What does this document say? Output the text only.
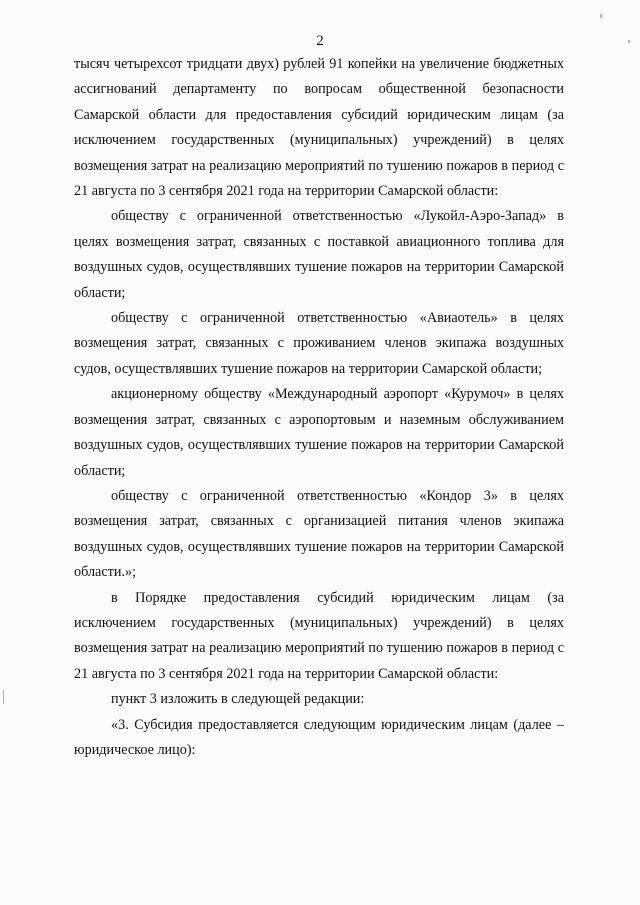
2

тысяч четырехсот тридцати двух) рублей 91 копейки на увеличение бюджетных ассигнований департаменту по вопросам общественной безопасности Самарской области для предоставления субсидий юридическим лицам (за исключением государственных (муниципальных) учреждений) в целях возмещения затрат на реализацию мероприятий по тушению пожаров в период с 21 августа по 3 сентября 2021 года на территории Самарской области:

обществу с ограниченной ответственностью «Лукойл-Аэро-Запад» в целях возмещения затрат, связанных с поставкой авиационного топлива для воздушных судов, осуществлявших тушение пожаров на территории Самарской области;

обществу с ограниченной ответственностью «Авиаотель» в целях возмещения затрат, связанных с проживанием членов экипажа воздушных судов, осуществлявших тушение пожаров на территории Самарской области;

акционерному обществу «Международный аэропорт «Курумоч» в целях возмещения затрат, связанных с аэропортовым и наземным обслуживанием воздушных судов, осуществлявших тушение пожаров на территории Самарской области;

обществу с ограниченной ответственностью «Кондор 3» в целях возмещения затрат, связанных с организацией питания членов экипажа воздушных судов, осуществлявших тушение пожаров на территории Самарской области.»;

в Порядке предоставления субсидий юридическим лицам (за исключением государственных (муниципальных) учреждений) в целях возмещения затрат на реализацию мероприятий по тушению пожаров в период с 21 августа по 3 сентября 2021 года на территории Самарской области:

пункт 3 изложить в следующей редакции:

«3. Субсидия предоставляется следующим юридическим лицам (далее – юридическое лицо):
